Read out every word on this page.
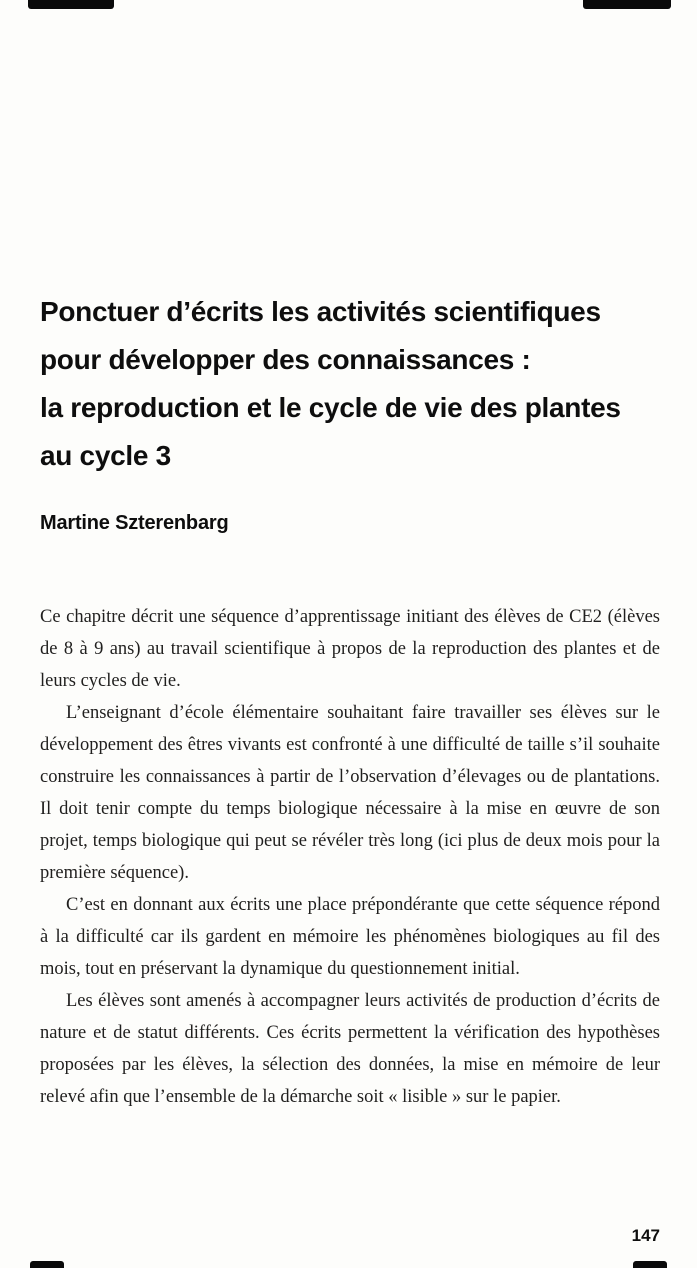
Ponctuer d’écrits les activités scientifiques
pour développer des connaissances :
la reproduction et le cycle de vie des plantes
au cycle 3
Martine Szterenbarg

Ce chapitre décrit une séquence d’apprentissage initiant des élèves de CE2 (élèves de 8 à 9 ans) au travail scientifique à propos de la reproduction des plantes et de leurs cycles de vie.

L’enseignant d’école élémentaire souhaitant faire travailler ses élèves sur le développement des êtres vivants est confronté à une difficulté de taille s’il souhaite construire les connaissances à partir de l’observation d’élevages ou de plantations. Il doit tenir compte du temps biologique nécessaire à la mise en œuvre de son projet, temps biologique qui peut se révéler très long (ici plus de deux mois pour la première séquence).

C’est en donnant aux écrits une place prépondérante que cette séquence répond à la difficulté car ils gardent en mémoire les phénomènes biologiques au fil des mois, tout en préservant la dynamique du questionnement initial.

Les élèves sont amenés à accompagner leurs activités de production d’écrits de nature et de statut différents. Ces écrits permettent la vérification des hypothèses proposées par les élèves, la sélection des données, la mise en mémoire de leur relevé afin que l’ensemble de la démarche soit « lisible » sur le papier.

147
